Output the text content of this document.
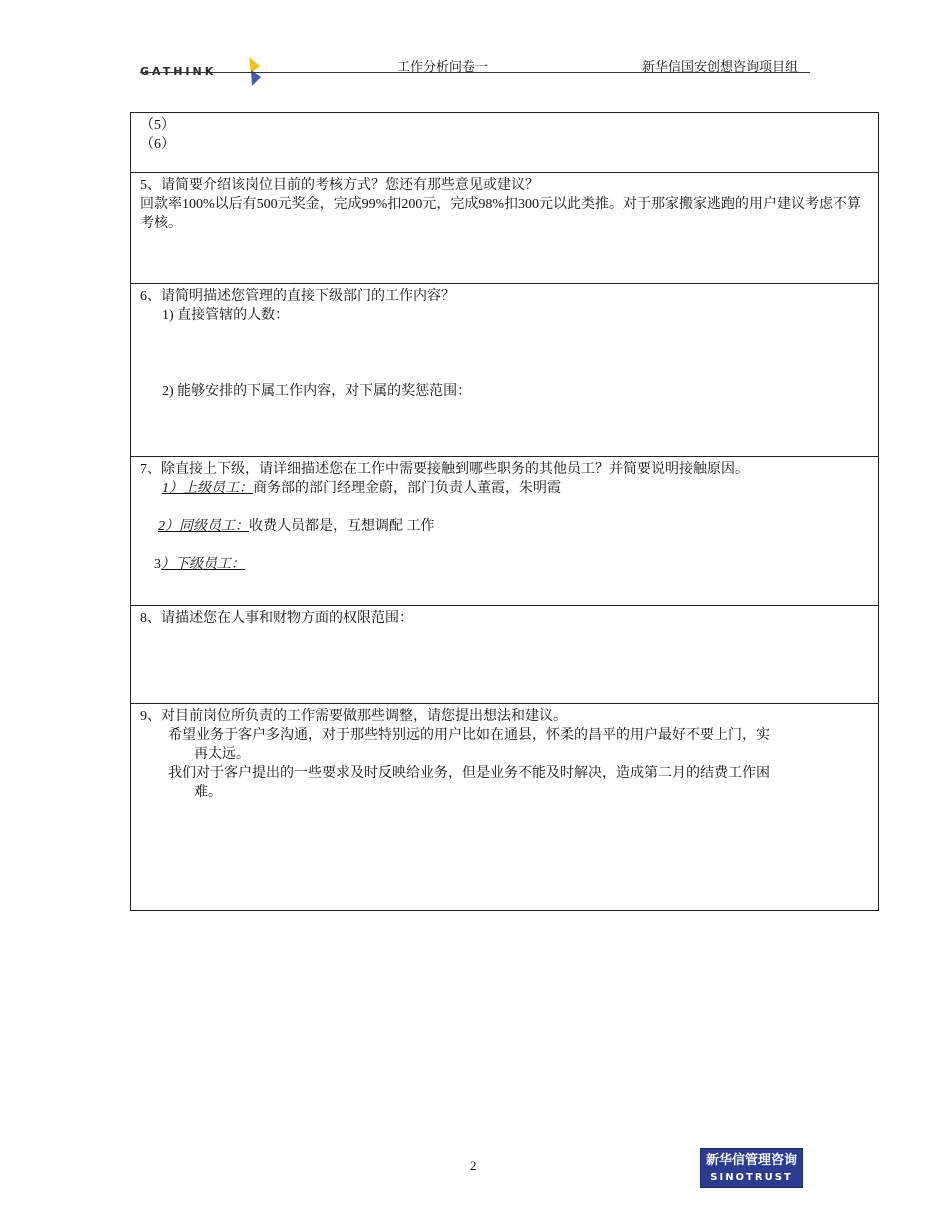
GATHINK	工作分析问卷一	新华信国安创想咨询项目组
（5）
（6）
5、请简要介绍该岗位目前的考核方式？您还有那些意见或建议？
回款率100%以后有500元奖金，完成99%扣200元，完成98%扣300元以此类推。对于那家搬家逃跑的用户建议考虑不算考核。
6、请简明描述您管理的直接下级部门的工作内容？
1) 直接管辖的人数：
2) 能够安排的下属工作内容，对下属的奖惩范围：
7、除直接上下级，请详细描述您在工作中需要接触到哪些职务的其他员工？并简要说明接触原因。
1）上级员工：商务部的部门经理金蔚，部门负责人董霞，朱明霞
2）同级员工：收费人员都是，互想调配 工作
3）下级员工：
8、请描述您在人事和财物方面的权限范围：
9、对目前岗位所负责的工作需要做那些调整，请您提出想法和建议。
希望业务于客户多沟通，对于那些特别远的用户比如在通县，怀柔的昌平的用户最好不要上门，实
再太远。
我们对于客户提出的一些要求及时反映给业务，但是业务不能及时解决，造成第二月的结费工作困
难。
2	新华信管理咨询
SINOTRUST
